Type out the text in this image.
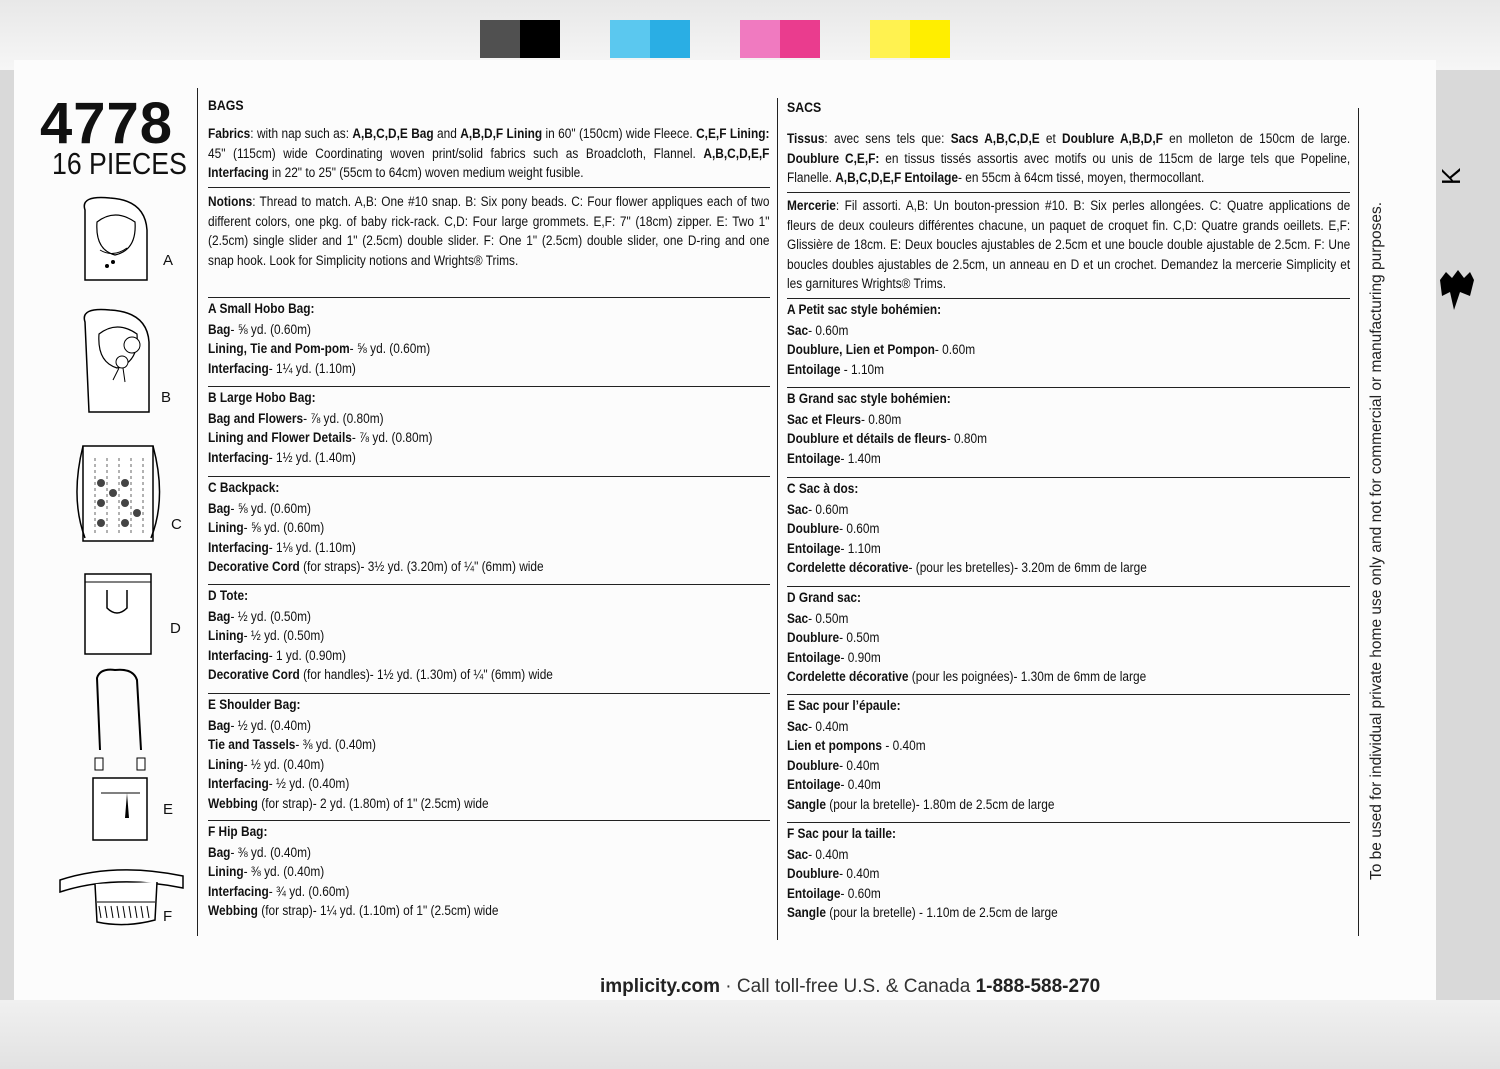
4778
16 PIECES
A
B
C
D
E
F
BAGS
Fabrics: with nap such as: A,B,C,D,E Bag and A,B,D,F Lining in 60" (150cm) wide Fleece. C,E,F Lining: 45" (115cm) wide Coordinating woven print/solid fabrics such as Broadcloth, Flannel. A,B,C,D,E,F Interfacing in 22" to 25" (55cm to 64cm) woven medium weight fusible.
Notions: Thread to match. A,B: One #10 snap. B: Six pony beads. C: Four flower appliques each of two different colors, one pkg. of baby rick-rack. C,D: Four large grommets. E,F: 7" (18cm) zipper. E: Two 1" (2.5cm) single slider and 1" (2.5cm) double slider. F: One 1" (2.5cm) double slider, one D-ring and one snap hook. Look for Simplicity notions and Wrights® Trims.
A Small Hobo Bag:
Bag- ⅝ yd. (0.60m)
Lining, Tie and Pom-pom- ⅝ yd. (0.60m)
Interfacing- 1¼ yd. (1.10m)
B Large Hobo Bag:
Bag and Flowers- ⅞ yd. (0.80m)
Lining and Flower Details- ⅞ yd. (0.80m)
Interfacing- 1½ yd. (1.40m)
C Backpack:
Bag- ⅝ yd. (0.60m)
Lining- ⅝ yd. (0.60m)
Interfacing- 1⅛ yd. (1.10m)
Decorative Cord (for straps)- 3½ yd. (3.20m) of ¼" (6mm) wide
D Tote:
Bag- ½ yd. (0.50m)
Lining- ½ yd. (0.50m)
Interfacing- 1 yd. (0.90m)
Decorative Cord (for handles)- 1½ yd. (1.30m) of ¼" (6mm) wide
E Shoulder Bag:
Bag- ½ yd. (0.40m)
Tie and Tassels- ⅜ yd. (0.40m)
Lining- ½ yd. (0.40m)
Interfacing- ½ yd. (0.40m)
Webbing (for strap)- 2 yd. (1.80m) of 1" (2.5cm) wide
F Hip Bag:
Bag- ⅜ yd. (0.40m)
Lining- ⅜ yd. (0.40m)
Interfacing- ¾ yd. (0.60m)
Webbing (for strap)- 1¼ yd. (1.10m) of 1" (2.5cm) wide
SACS
Tissus: avec sens tels que: Sacs A,B,C,D,E et Doublure A,B,D,F en molleton de 150cm de large. Doublure C,E,F: en tissus tissés assortis avec motifs ou unis de 115cm de large tels que Popeline, Flanelle. A,B,C,D,E,F Entoilage- en 55cm à 64cm tissé, moyen, thermocollant.
Mercerie: Fil assorti. A,B: Un bouton-pression #10. B: Six perles allongées. C: Quatre applications de fleurs de deux couleurs différentes chacune, un paquet de croquet fin. C,D: Quatre grands oeillets. E,F: Glissière de 18cm. E: Deux boucles ajustables de 2.5cm et une boucle double ajustable de 2.5cm. F: Une boucles doubles ajustables de 2.5cm, un anneau en D et un crochet. Demandez la mercerie Simplicity et les garnitures Wrights® Trims.
A Petit sac style bohémien:
Sac- 0.60m
Doublure, Lien et Pompon- 0.60m
Entoilage - 1.10m
B Grand sac style bohémien:
Sac et Fleurs- 0.80m
Doublure et détails de fleurs- 0.80m
Entoilage- 1.40m
C Sac à dos:
Sac- 0.60m
Doublure- 0.60m
Entoilage- 1.10m
Cordelette décorative- (pour les bretelles)- 3.20m de 6mm de large
D Grand sac:
Sac- 0.50m
Doublure- 0.50m
Entoilage- 0.90m
Cordelette décorative (pour les poignées)- 1.30m de 6mm de large
E Sac pour l’épaule:
Sac- 0.40m
Lien et pompons - 0.40m
Doublure- 0.40m
Entoilage- 0.40m
Sangle (pour la bretelle)- 1.80m de 2.5cm de large
F Sac pour la taille:
Sac- 0.40m
Doublure- 0.40m
Entoilage- 0.60m
Sangle (pour la bretelle) - 1.10m de 2.5cm de large
To be used for individual private home use only and not for commercial or manufacturing purposes.
K
implicity.com · Call toll-free U.S. & Canada 1-888-588-270
